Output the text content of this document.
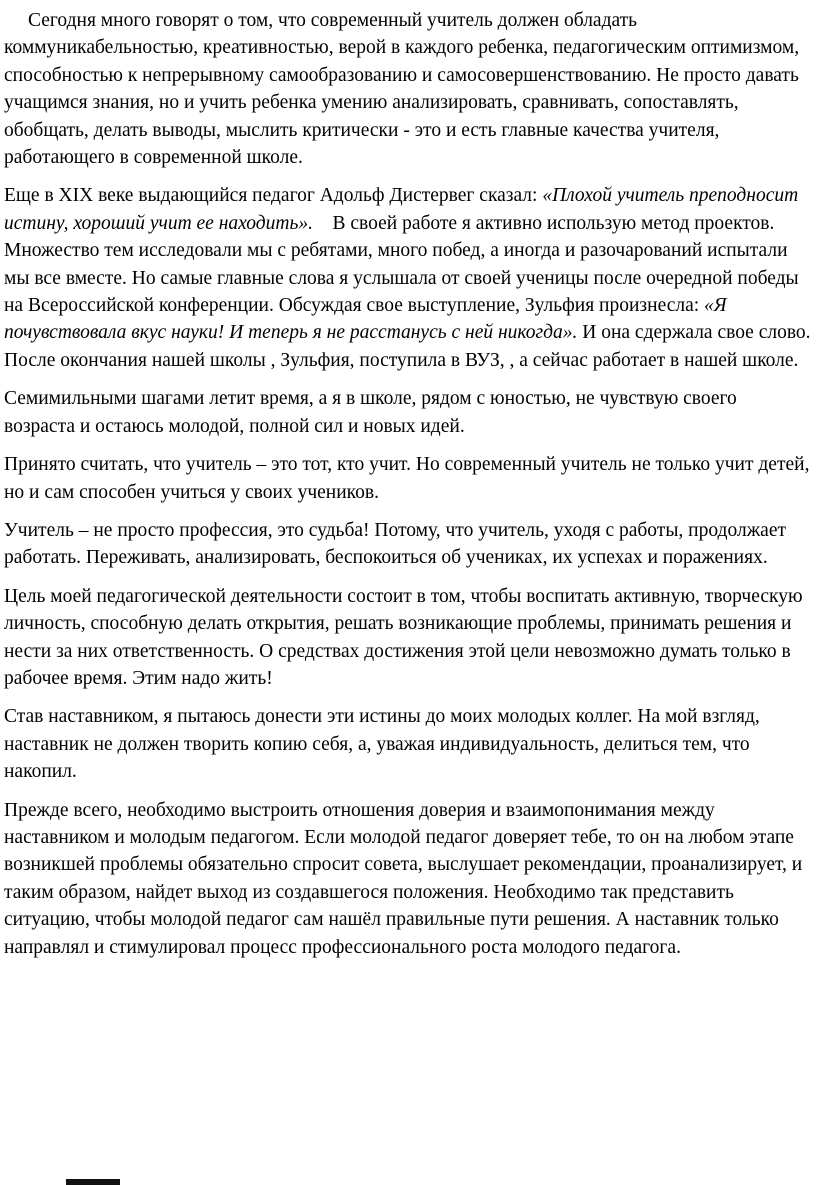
Сегодня много говорят о том, что современный учитель должен обладать коммуникабельностью, креативностью, верой в каждого ребенка, педагогическим оптимизмом, способностью к непрерывному самообразованию и самосовершенствованию. Не просто давать учащимся знания, но и учить ребенка умению анализировать, сравнивать, сопоставлять, обобщать, делать выводы, мыслить критически - это и есть главные качества учителя, работающего в современной школе.

Еще в XIX веке выдающийся педагог Адольф Дистервег сказал: «Плохой учитель преподносит истину, хороший учит ее находить».    В своей работе я активно использую метод проектов. Множество тем исследовали мы с ребятами, много побед, а иногда и разочарований испытали мы все вместе. Но самые главные слова я услышала от своей ученицы после очередной победы на Всероссийской конференции. Обсуждая свое выступление, Зульфия произнесла: «Я почувствовала вкус науки! И теперь я не расстанусь с ней никогда». И она сдержала свое слово. После окончания нашей школы , Зульфия, поступила в ВУЗ, , а сейчас работает в нашей школе.

Семимильными шагами летит время, а я в школе, рядом с юностью, не чувствую своего возраста и остаюсь молодой, полной сил и новых идей.

Принято считать, что учитель – это тот, кто учит. Но современный учитель не только учит детей, но и сам способен учиться у своих учеников.

Учитель – не просто профессия, это судьба! Потому, что учитель, уходя с работы, продолжает работать. Переживать, анализировать, беспокоиться об учениках, их успехах и поражениях.

Цель моей педагогической деятельности состоит в том, чтобы воспитать активную, творческую личность, способную делать открытия, решать возникающие проблемы, принимать решения и нести за них ответственность. О средствах достижения этой цели невозможно думать только в рабочее время. Этим надо жить!

Став наставником, я пытаюсь донести эти истины до моих молодых коллег. На мой взгляд, наставник не должен творить копию себя, а, уважая индивидуальность, делиться тем, что накопил.

Прежде всего, необходимо выстроить отношения доверия и взаимопонимания между наставником и молодым педагогом. Если молодой педагог доверяет тебе, то он на любом этапе возникшей проблемы обязательно спросит совета, выслушает рекомендации, проанализирует, и таким образом, найдет выход из создавшегося положения. Необходимо так представить ситуацию, чтобы молодой педагог сам нашёл правильные пути решения. А наставник только направлял и стимулировал процесс профессионального роста молодого педагога.
